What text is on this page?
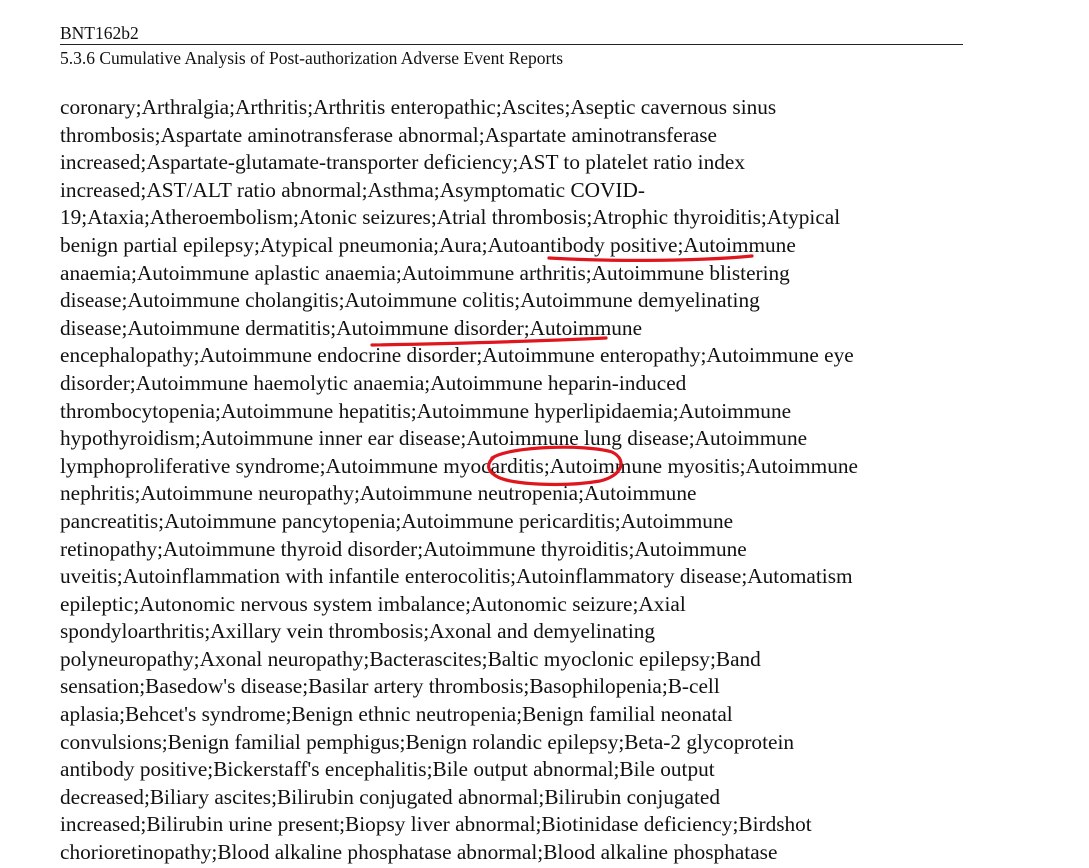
BNT162b2
5.3.6 Cumulative Analysis of Post-authorization Adverse Event Reports
coronary;Arthralgia;Arthritis;Arthritis enteropathic;Ascites;Aseptic cavernous sinus
thrombosis;Aspartate aminotransferase abnormal;Aspartate aminotransferase
increased;Aspartate-glutamate-transporter deficiency;AST to platelet ratio index
increased;AST/ALT ratio abnormal;Asthma;Asymptomatic COVID-
19;Ataxia;Atheroembolism;Atonic seizures;Atrial thrombosis;Atrophic thyroiditis;Atypical
benign partial epilepsy;Atypical pneumonia;Aura;Autoantibody positive;Autoimmune
anaemia;Autoimmune aplastic anaemia;Autoimmune arthritis;Autoimmune blistering
disease;Autoimmune cholangitis;Autoimmune colitis;Autoimmune demyelinating
disease;Autoimmune dermatitis;Autoimmune disorder;Autoimmune
encephalopathy;Autoimmune endocrine disorder;Autoimmune enteropathy;Autoimmune eye
disorder;Autoimmune haemolytic anaemia;Autoimmune heparin-induced
thrombocytopenia;Autoimmune hepatitis;Autoimmune hyperlipidaemia;Autoimmune
hypothyroidism;Autoimmune inner ear disease;Autoimmune lung disease;Autoimmune
lymphoproliferative syndrome;Autoimmune myocarditis;Autoimmune myositis;Autoimmune
nephritis;Autoimmune neuropathy;Autoimmune neutropenia;Autoimmune
pancreatitis;Autoimmune pancytopenia;Autoimmune pericarditis;Autoimmune
retinopathy;Autoimmune thyroid disorder;Autoimmune thyroiditis;Autoimmune
uveitis;Autoinflammation with infantile enterocolitis;Autoinflammatory disease;Automatism
epileptic;Autonomic nervous system imbalance;Autonomic seizure;Axial
spondyloarthritis;Axillary vein thrombosis;Axonal and demyelinating
polyneuropathy;Axonal neuropathy;Bacterascites;Baltic myoclonic epilepsy;Band
sensation;Basedow's disease;Basilar artery thrombosis;Basophilopenia;B-cell
aplasia;Behcet's syndrome;Benign ethnic neutropenia;Benign familial neonatal
convulsions;Benign familial pemphigus;Benign rolandic epilepsy;Beta-2 glycoprotein
antibody positive;Bickerstaff's encephalitis;Bile output abnormal;Bile output
decreased;Biliary ascites;Bilirubin conjugated abnormal;Bilirubin conjugated
increased;Bilirubin urine present;Biopsy liver abnormal;Biotinidase deficiency;Birdshot
chorioretinopathy;Blood alkaline phosphatase abnormal;Blood alkaline phosphatase
